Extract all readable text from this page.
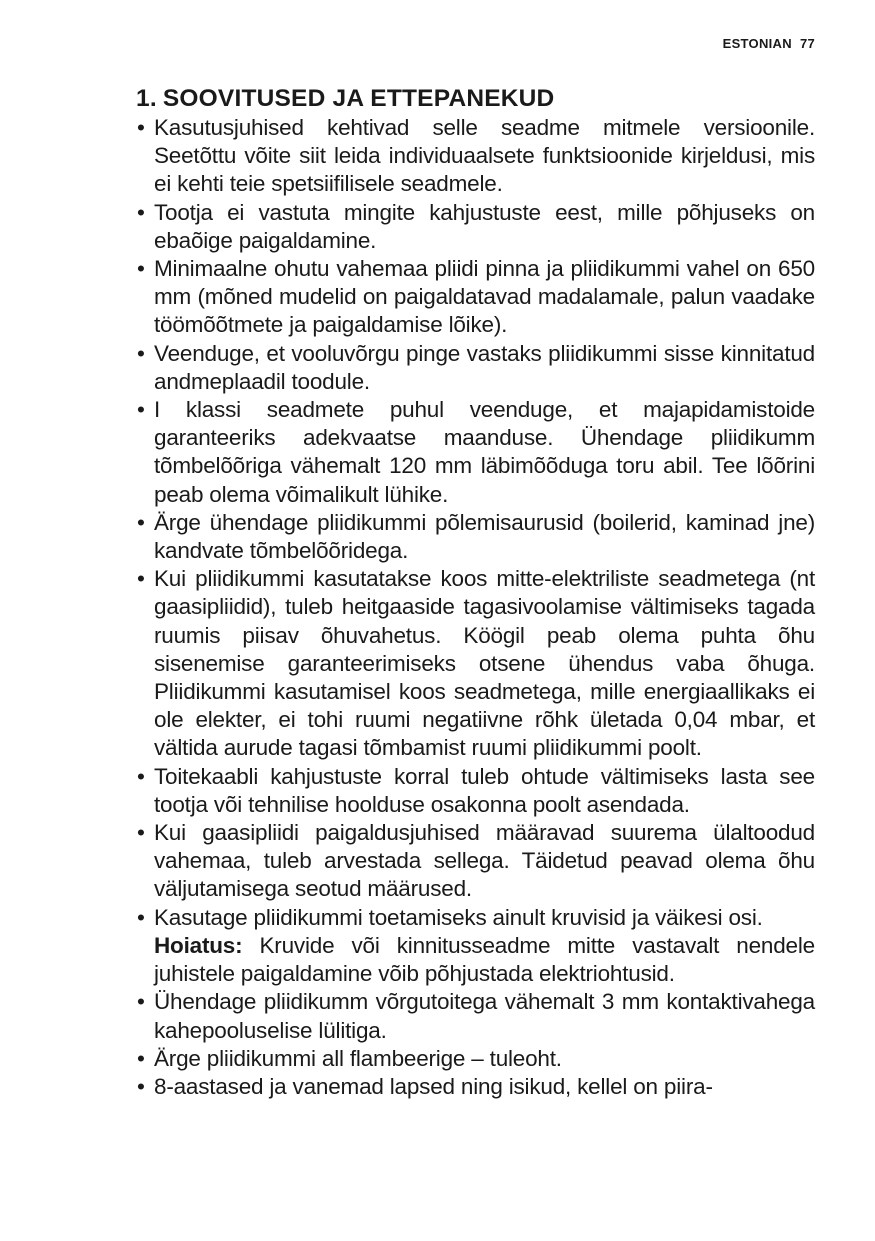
ESTONIAN 77
1. SOOVITUSED JA ETTEPANEKUD
• Kasutusjuhised kehtivad selle seadme mitmele versioonile. Seetõttu võite siit leida individuaalsete funktsioonide kirjeldusi, mis ei kehti teie spetsiifilisele seadmele.
• Tootja ei vastuta mingite kahjustuste eest, mille põhjuseks on ebaõige paigaldamine.
• Minimaalne ohutu vahemaa pliidi pinna ja pliidikummi vahel on 650 mm (mõned mudelid on paigaldatavad madalamale, palun vaadake töömõõtmete ja paigaldamise lõike).
• Veenduge, et vooluvõrgu pinge vastaks pliidikummi sisse kinnitatud andmeplaadil toodule.
• I klassi seadmete puhul veenduge, et majapidamistoide garanteeriks adekvaatse maanduse. Ühendage pliidikumm tõmbelõõriga vähemalt 120 mm läbimõõduga toru abil. Tee lõõrini peab olema võimalikult lühike.
• Ärge ühendage pliidikummi põlemisaurusid (boilerid, kaminad jne) kandvate tõmbelõõridega.
• Kui pliidikummi kasutatakse koos mitte-elektriliste seadmetega (nt gaasipliidid), tuleb heitgaaside tagasivoolamise vältimiseks tagada ruumis piisav õhuvahetus. Köögil peab olema puhta õhu sisenemise garanteerimiseks otsene ühendus vaba õhuga. Pliidikummi kasutamisel koos seadmetega, mille energiaallikaks ei ole elekter, ei tohi ruumi negatiivne rõhk ületada 0,04 mbar, et vältida aurude tagasi tõmbamist ruumi pliidikummi poolt.
• Toitekaabli kahjustuste korral tuleb ohtude vältimiseks lasta see tootja või tehnilise hoolduse osakonna poolt asendada.
• Kui gaasipliidi paigaldusjuhised määravad suurema ülaltoodud vahemaa, tuleb arvestada sellega. Täidetud peavad olema õhu väljutamisega seotud määrused.
• Kasutage pliidikummi toetamiseks ainult kruvisid ja väikesi osi.
Hoiatus: Kruvide või kinnitusseadme mitte vastavalt nendele juhistele paigaldamine võib põhjustada elektriohtusid.
• Ühendage pliidikumm võrgutoitega vähemalt 3 mm kontaktivahega kahepooluselise lülitiga.
• Ärge pliidikummi all flambeerige – tuleoht.
• 8-aastased ja vanemad lapsed ning isikud, kellel on piira-
